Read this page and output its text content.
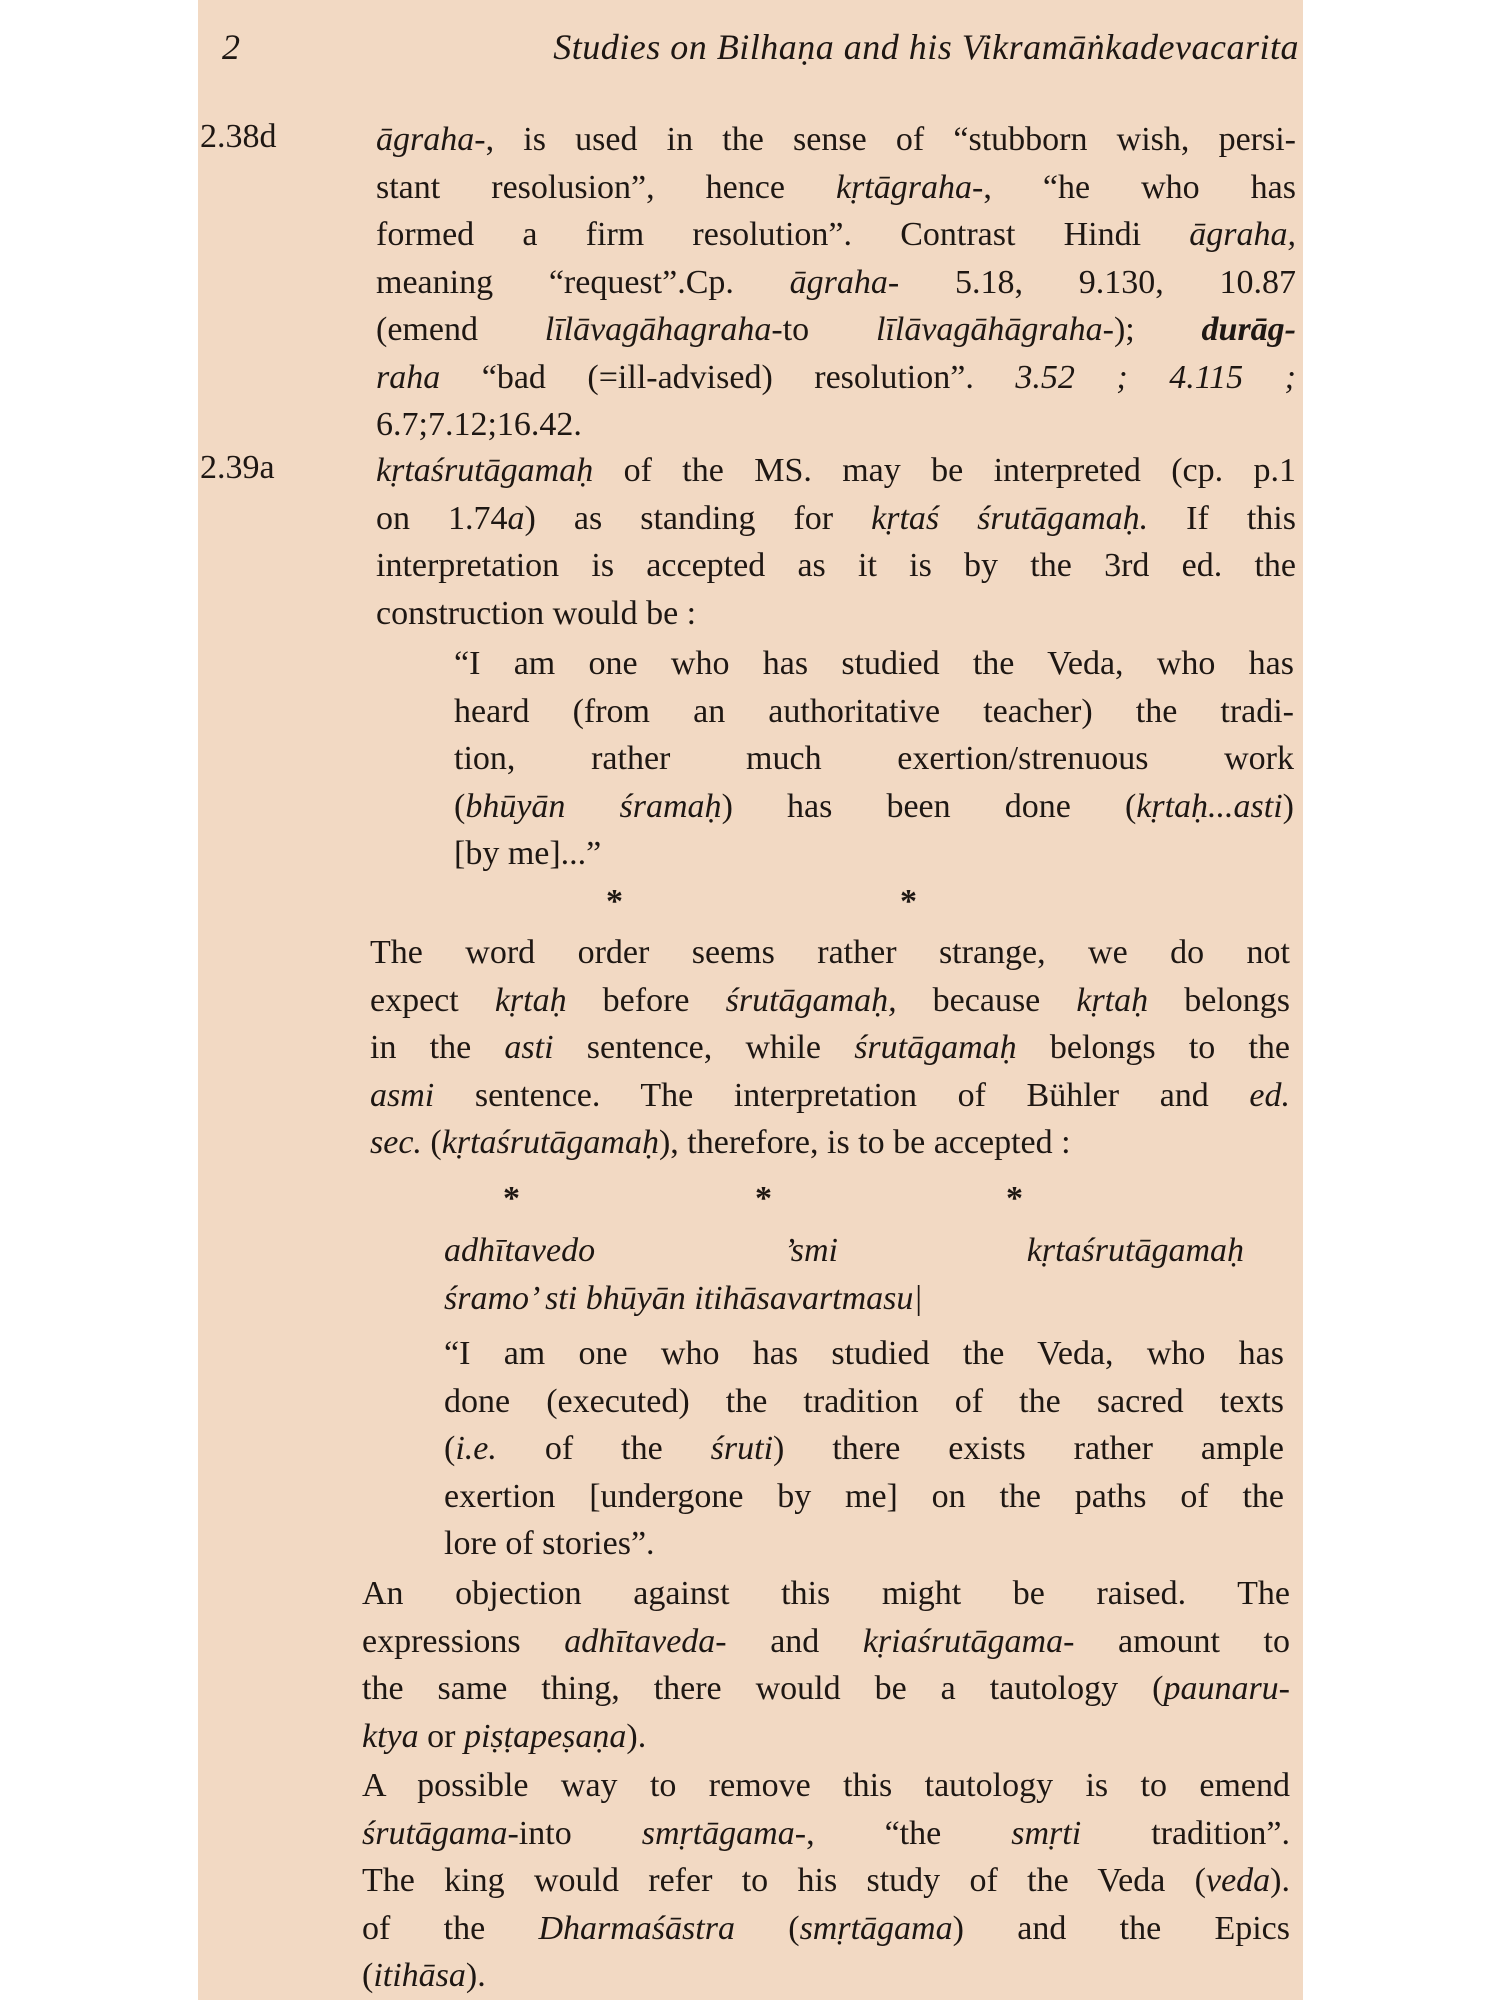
2	Studies on Bilhaṇa and his Vikramāṅkadevacarita
2.38d	āgraha-, is used in the sense of “stubborn wish, persi-
stant resolusion”, hence kṛtāgraha-, “he who has
formed a firm resolution”. Contrast Hindi āgraha,
meaning “request”.Cp. āgraha- 5.18, 9.130, 10.87
(emend līlāvagāhagraha-to līlāvagāhāgraha-); durāg-
raha “bad (=ill-advised) resolution”. 3.52 ; 4.115 ;
6.7;7.12;16.42.
2.39a	kṛtaśrutāgamaḥ of the MS. may be interpreted (cp. p.1
on 1.74a) as standing for kṛtaś śrutāgamaḥ. If this
interpretation is accepted as it is by the 3rd ed. the
construction would be :
“I am one who has studied the Veda, who has
heard (from an authoritative teacher) the tradi-
tion, rather much exertion/strenuous work
(bhūyān śramaḥ) has been done (kṛtaḥ...asti)
[by me]...”
*	*
The word order seems rather strange, we do not
expect kṛtaḥ before śrutāgamaḥ, because kṛtaḥ belongs
in the asti sentence, while śrutāgamaḥ belongs to the
asmi sentence. The interpretation of Bühler and ed.
sec. (kṛtaśrutāgamaḥ), therefore, is to be accepted :
*	*	*
adhītavedo ’smi kṛtaśrutāgamaḥ
śramo’ sti bhūyān itihāsavartmasu|
“I am one who has studied the Veda, who has
done (executed) the tradition of the sacred texts
(i.e. of the śruti) there exists rather ample
exertion [undergone by me] on the paths of the
lore of stories”.
An objection against this might be raised. The
expressions adhītaveda- and kṛiaśrutāgama- amount to
the same thing, there would be a tautology (paunaru-
ktya or piṣṭapeṣaṇa).
A possible way to remove this tautology is to emend
śrutāgama-into smṛtāgama-, “the smṛti tradition”.
The king would refer to his study of the Veda (veda).
of the Dharmaśāstra (smṛtāgama) and the Epics
(itihāsa).
